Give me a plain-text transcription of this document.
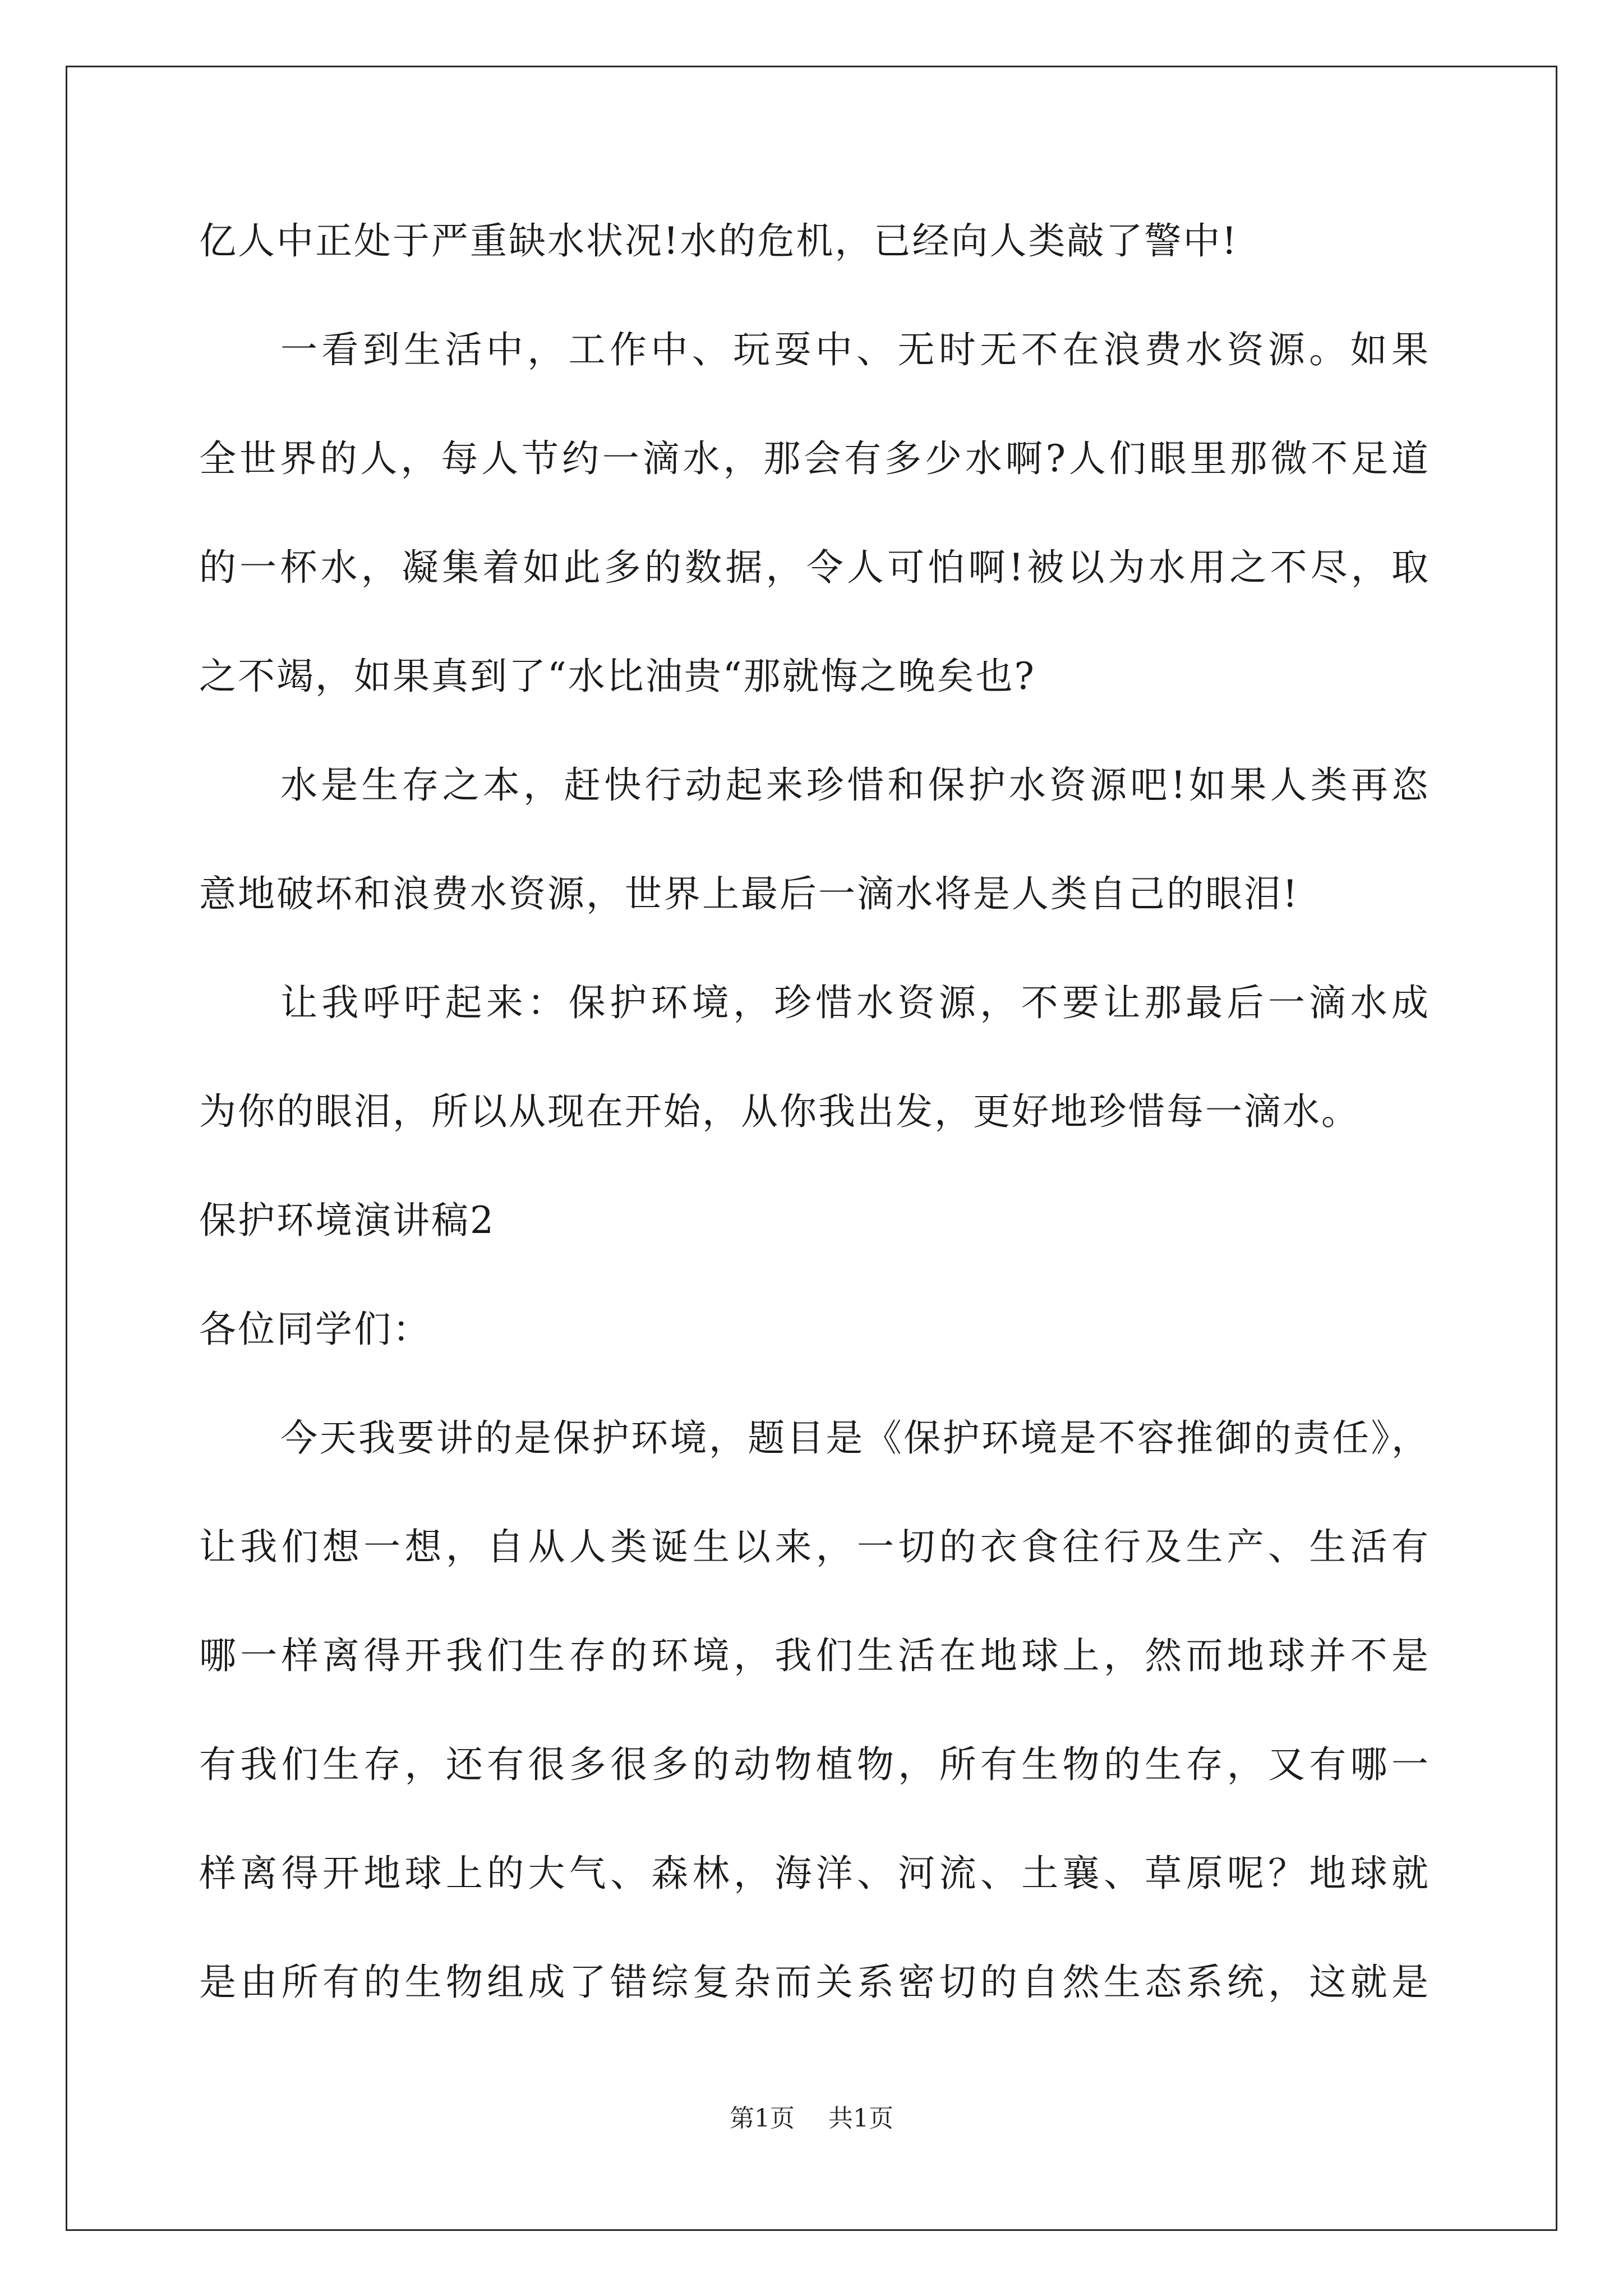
亿人中正处于严重缺水状况!水的危机，已经向人类敲了警中!
一看到生活中，工作中、玩耍中、无时无不在浪费水资源。如果
全世界的人，每人节约一滴水，那会有多少水啊?人们眼里那微不足道
的一杯水，凝集着如此多的数据，令人可怕啊!被以为水用之不尽，取
之不竭，如果真到了“水比油贵“那就悔之晚矣也?
水是生存之本，赶快行动起来珍惜和保护水资源吧!如果人类再恣
意地破坏和浪费水资源，世界上最后一滴水将是人类自己的眼泪!
让我呼吁起来：保护环境，珍惜水资源，不要让那最后一滴水成
为你的眼泪，所以从现在开始，从你我出发，更好地珍惜每一滴水。
保护环境演讲稿2
各位同学们：
今天我要讲的是保护环境，题目是《保护环境是不容推御的责任》，
让我们想一想，自从人类诞生以来，一切的衣食往行及生产、生活有
哪一样离得开我们生存的环境，我们生活在地球上，然而地球并不是
有我们生存，还有很多很多的动物植物，所有生物的生存，又有哪一
样离得开地球上的大气、森林，海洋、河流、土襄、草原呢？地球就
是由所有的生物组成了错综复杂而关系密切的自然生态系统，这就是
第1页 共1页
